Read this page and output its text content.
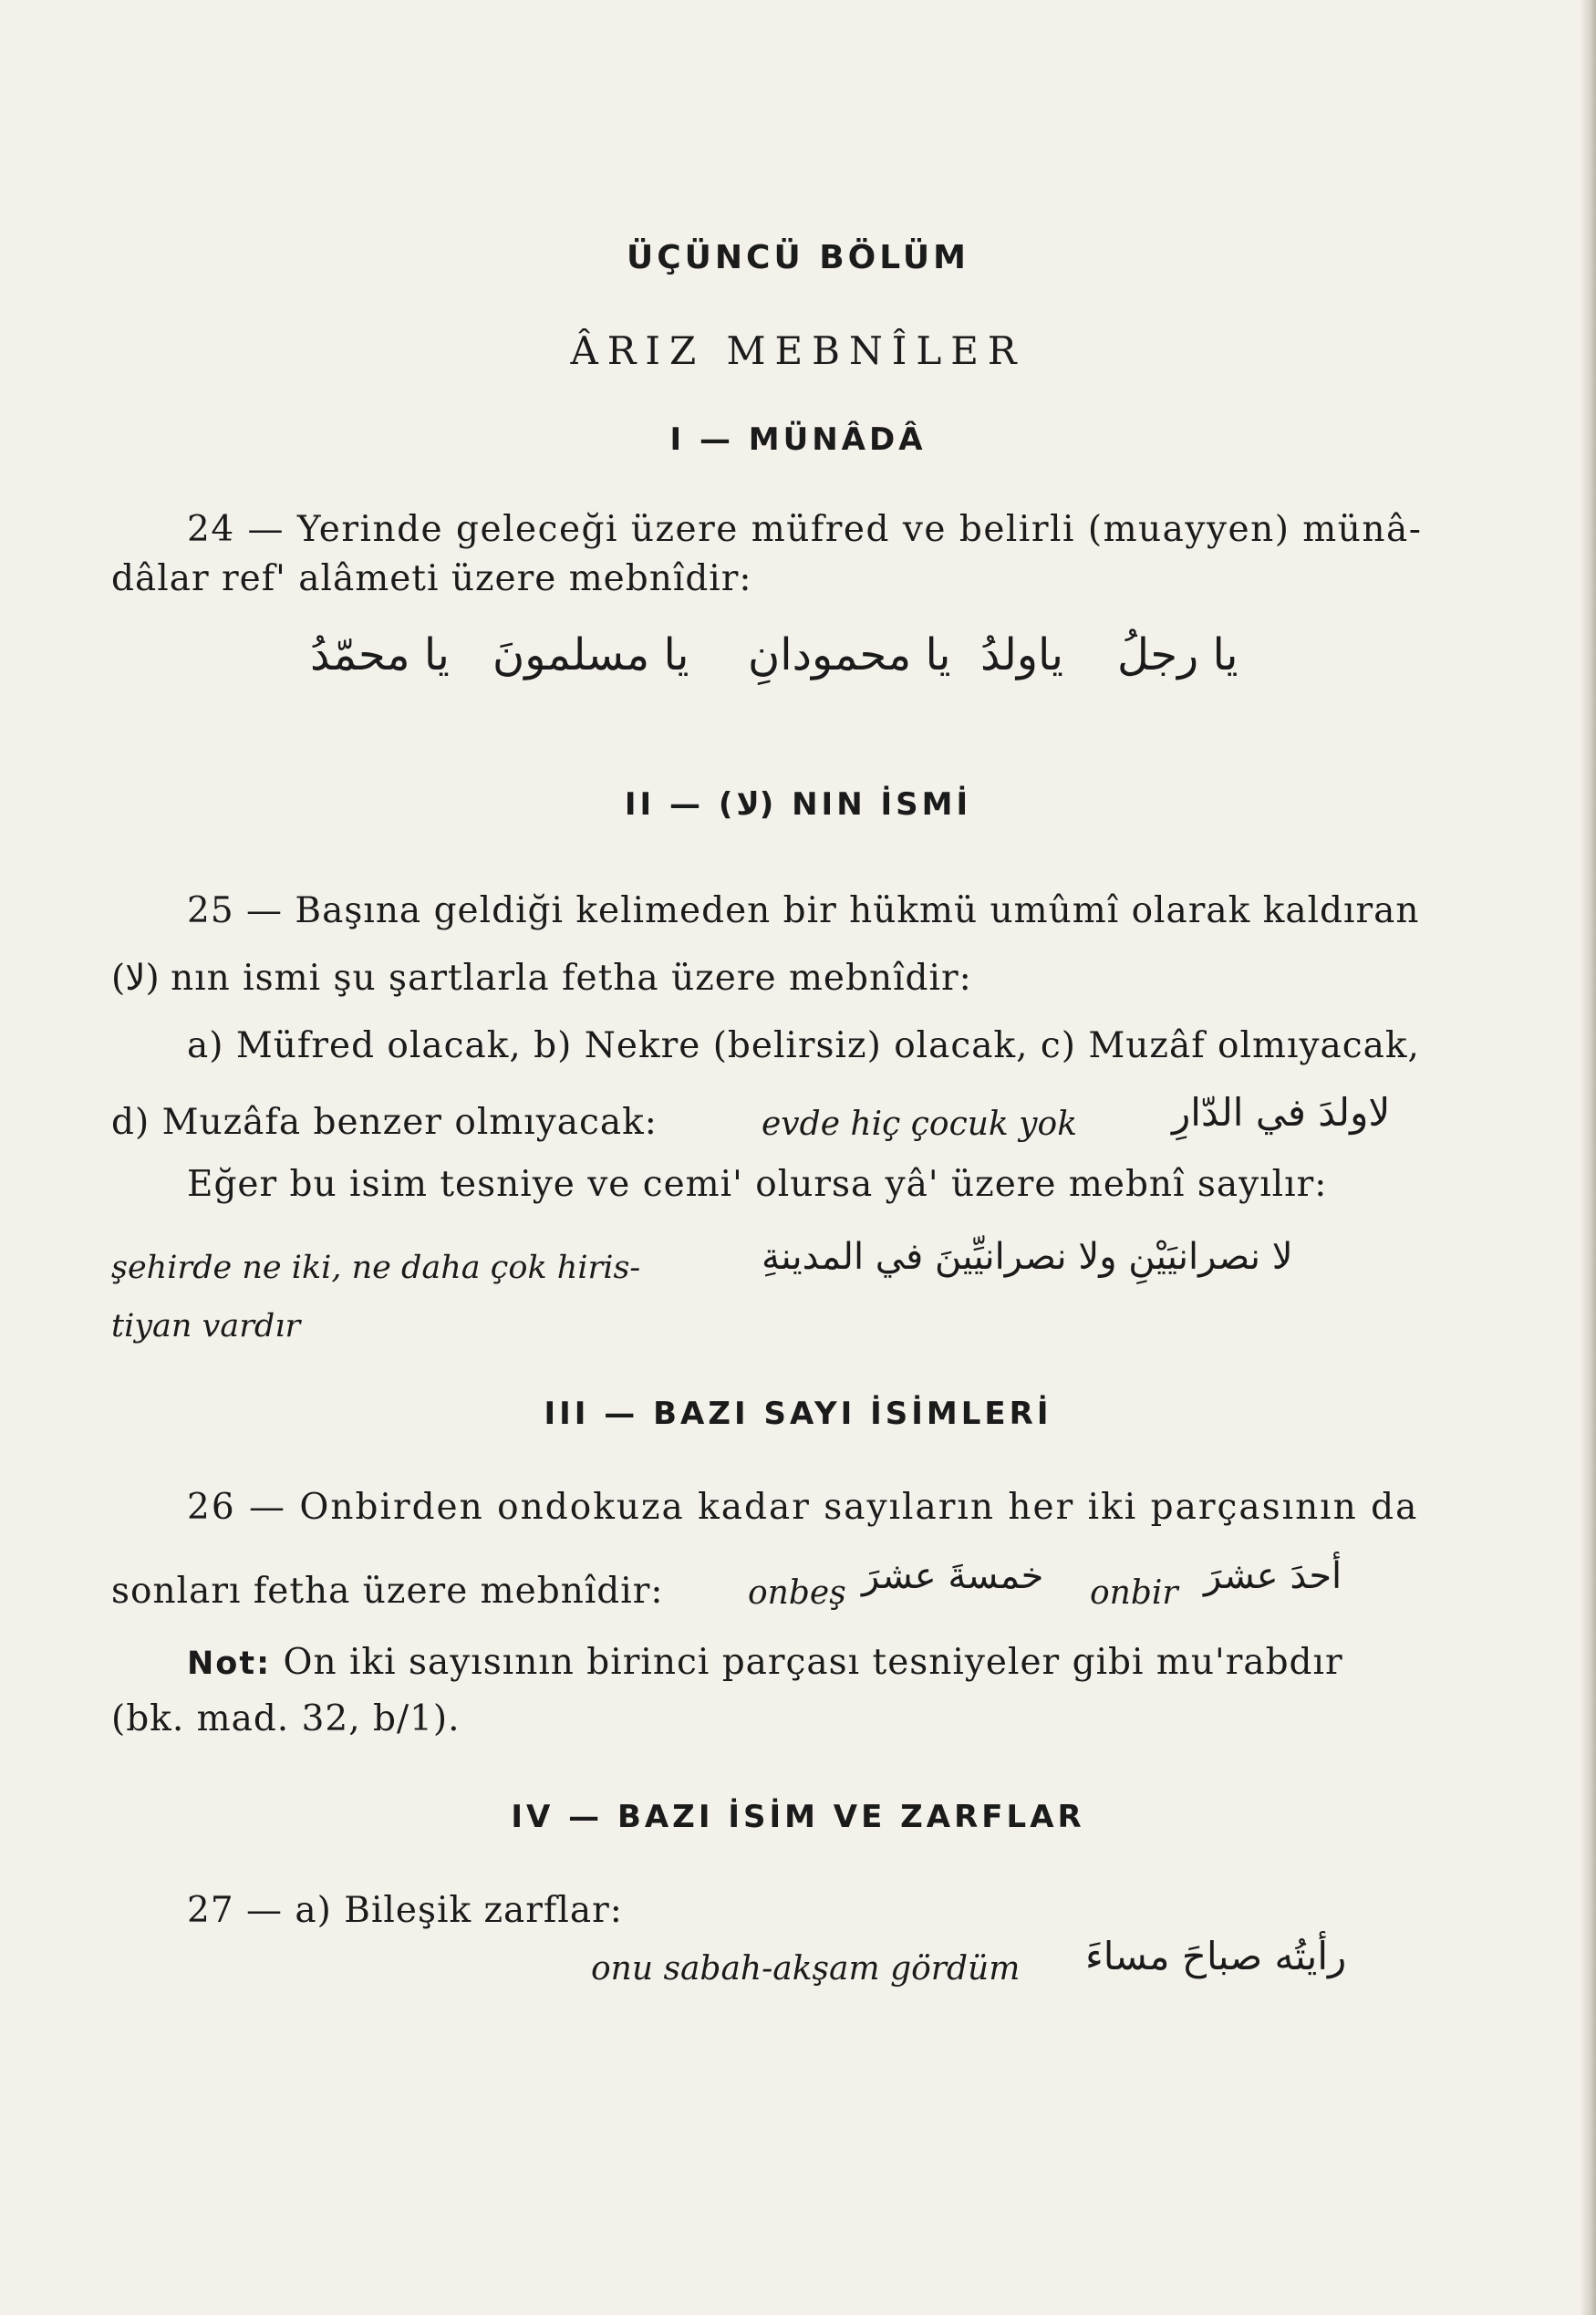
ÜÇÜNCÜ BÖLÜM
ÂRIZ MEBNÎLER
I — MÜNÂDÂ
24 — Yerinde geleceği üzere müfred ve belirli (muayyen) münâ-
dâlar ref' alâmeti üzere mebnîdir:
يا رجلُ
ياولدُ
يا محمودانِ
يا مسلمونَ
يا محمّدُ
II — (لا) NIN İSMİ
25 — Başına geldiği kelimeden bir hükmü umûmî olarak kaldıran
(لا) nın ismi şu şartlarla fetha üzere mebnîdir:
a) Müfred olacak, b) Nekre (belirsiz) olacak, c) Muzâf olmıyacak,
d) Muzâfa benzer olmıyacak:	evde hiç çocuk yok لاولدَ في الدّارِ
Eğer bu isim tesniye ve cemi' olursa yâ' üzere mebnî sayılır:
şehirde ne iki, ne daha çok hiris-
tiyan vardır
لا نصرانيَيْنِ ولا نصرانيِّينَ في المدينةِ
III — BAZI SAYI İSİMLERİ
26 — Onbirden ondokuza kadar sayıların her iki parçasının da
sonları fetha üzere mebnîdir:	onbeş خمسةَ عشرَ onbir أحدَ عشرَ
Not: On iki sayısının birinci parçası tesniyeler gibi mu'rabdır
(bk. mad. 32, b/1).
IV — BAZI İSİM VE ZARFLAR
27 — a) Bileşik zarflar:
onu sabah-akşam gördüm رأيتُه صباحَ مساءَ
